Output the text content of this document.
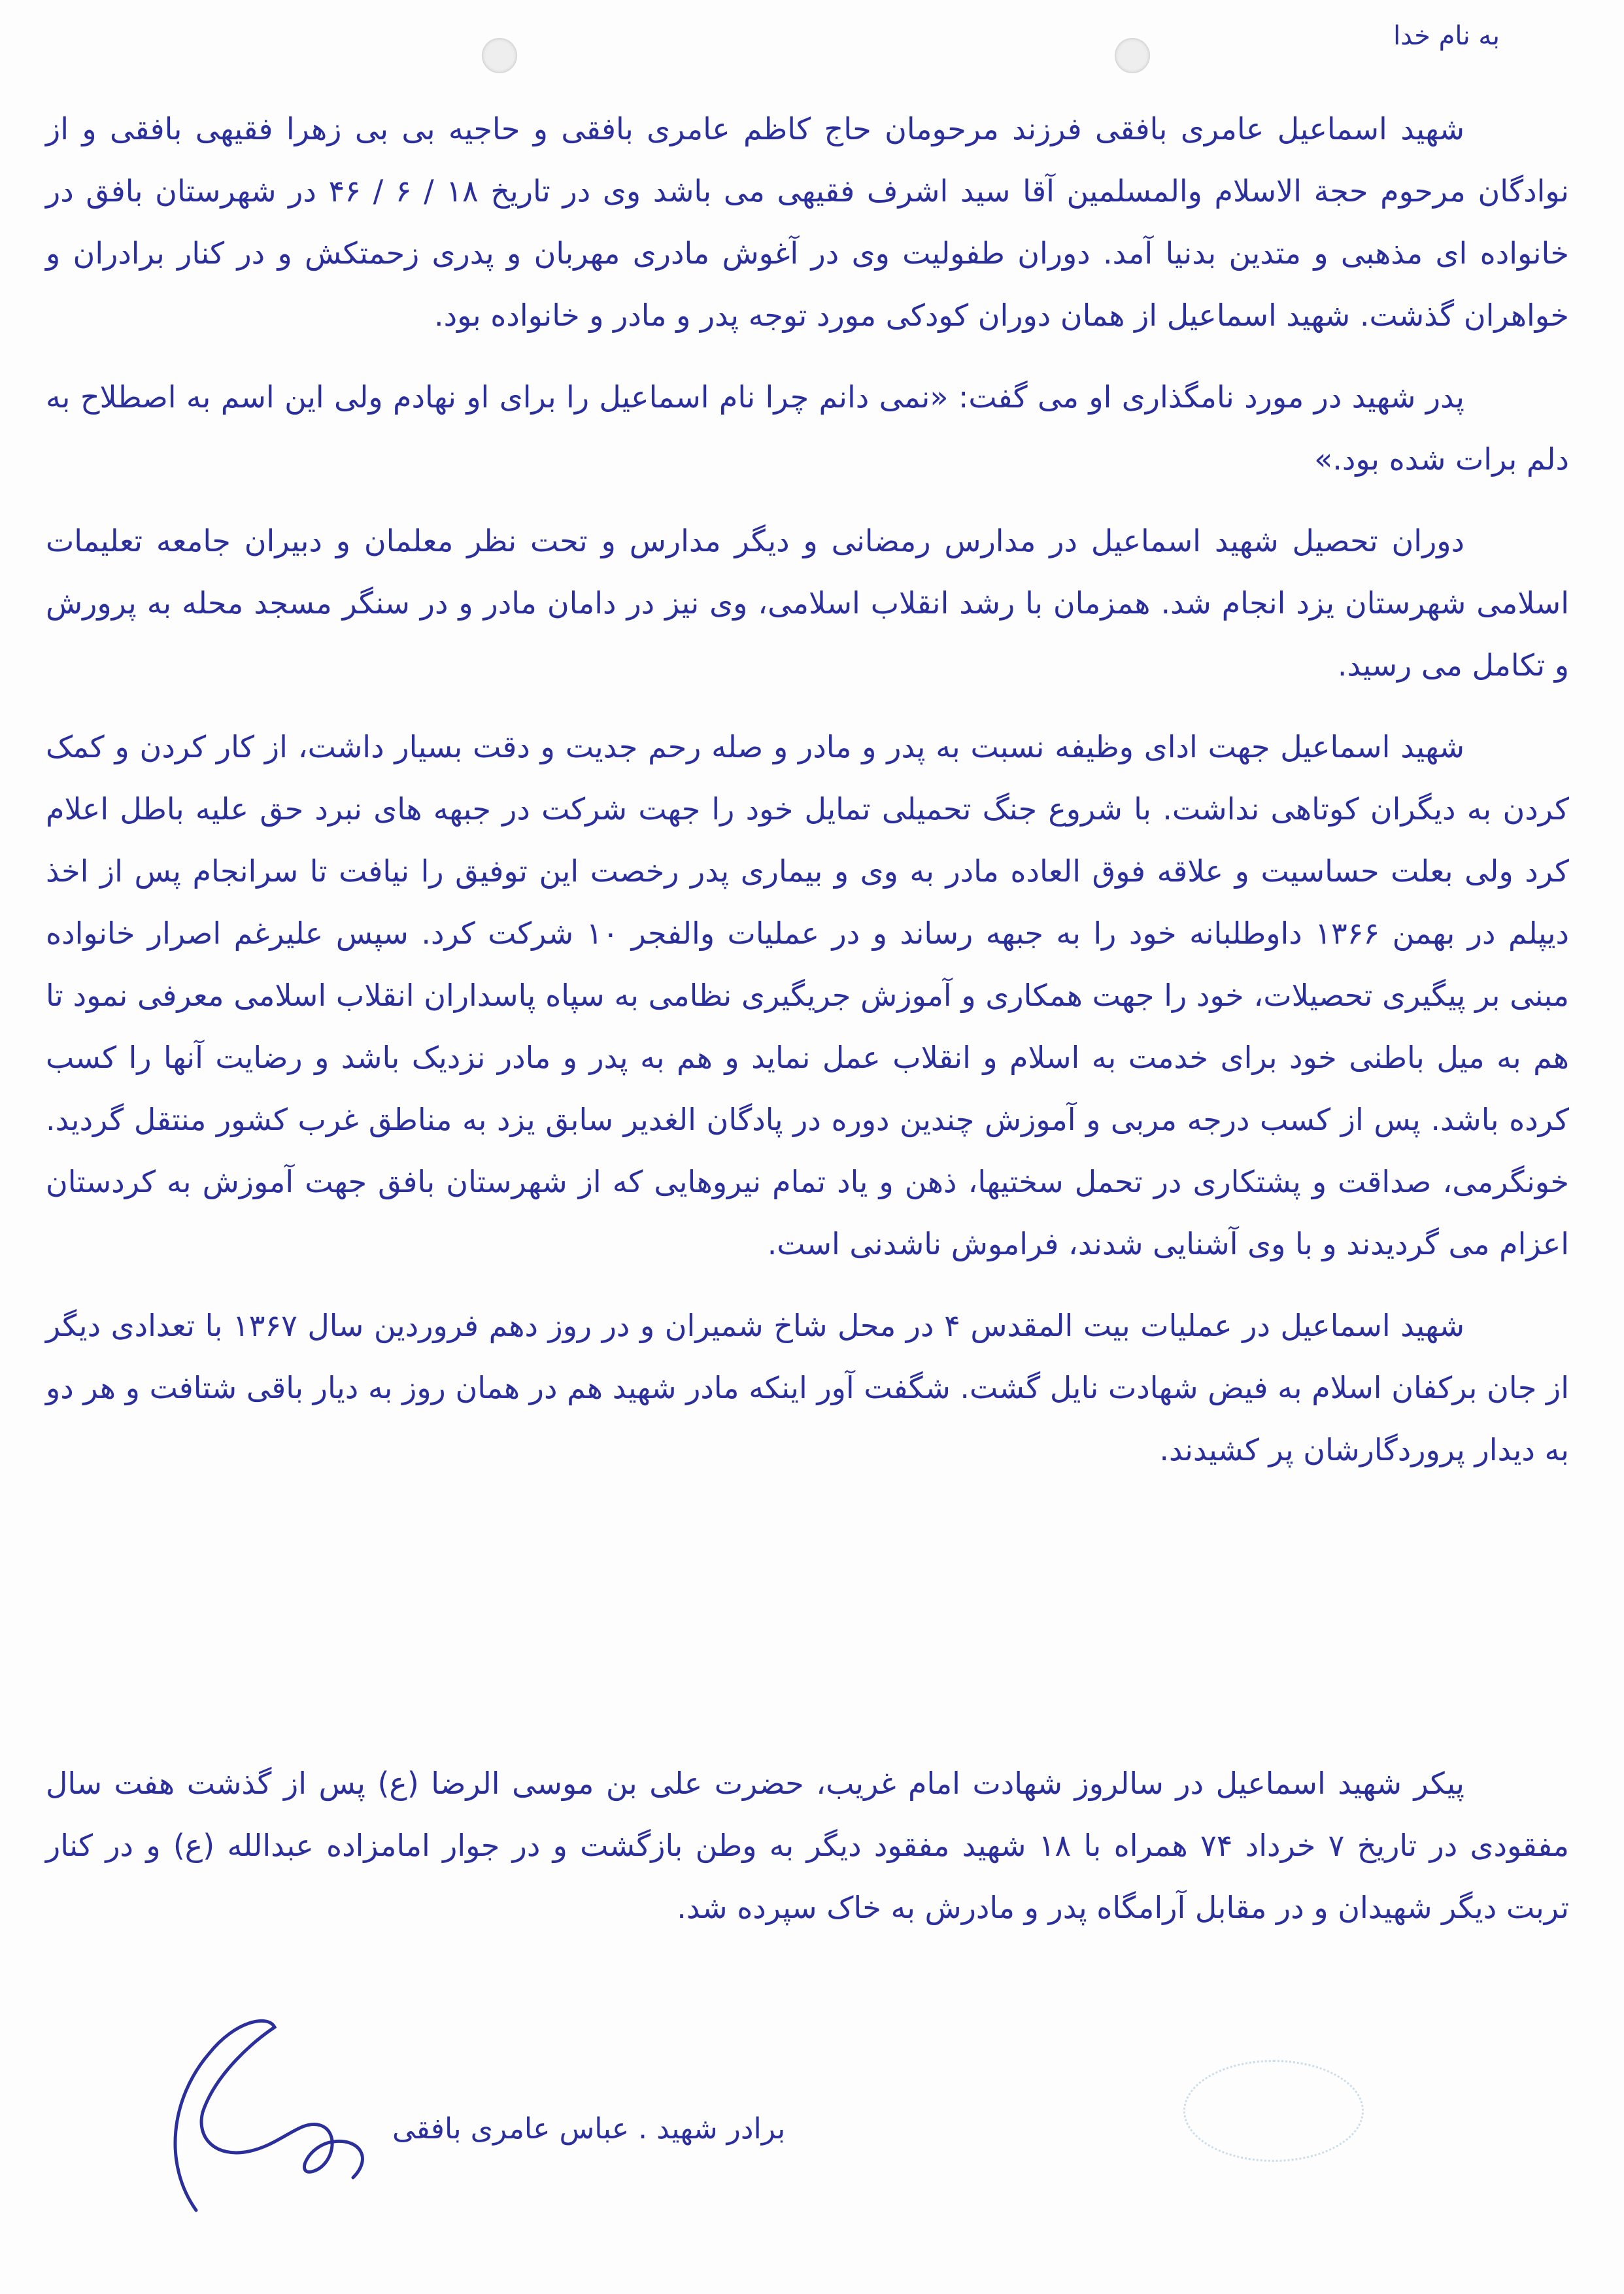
به نام خدا

شهید اسماعیل عامری بافقی فرزند مرحومان حاج کاظم عامری بافقی و حاجیه بی بی زهرا فقیهی بافقی و از نوادگان مرحوم حجة الاسلام والمسلمین آقا سید اشرف فقیهی می باشد وی در تاریخ ۱۸ / ۶ / ۴۶ در شهرستان بافق در خانواده ای مذهبی و متدین بدنیا آمد. دوران طفولیت وی در آغوش مادری مهربان و پدری زحمتکش و در کنار برادران و خواهران گذشت. شهید اسماعیل از همان دوران کودکی مورد توجه پدر و مادر و خانواده بود.

پدر شهید در مورد نامگذاری او می گفت: «نمی دانم چرا نام اسماعیل را برای او نهادم ولی این اسم به اصطلاح به دلم برات شده بود.»

دوران تحصیل شهید اسماعیل در مدارس رمضانی و دیگر مدارس و تحت نظر معلمان و دبیران جامعه تعلیمات اسلامی شهرستان یزد انجام شد. همزمان با رشد انقلاب اسلامی، وی نیز در دامان مادر و در سنگر مسجد محله به پرورش و تکامل می رسید.

شهید اسماعیل جهت ادای وظیفه نسبت به پدر و مادر و صله رحم جدیت و دقت بسیار داشت، از کار کردن و کمک کردن به دیگران کوتاهی نداشت. با شروع جنگ تحمیلی تمایل خود را جهت شرکت در جبهه های نبرد حق علیه باطل اعلام کرد ولی بعلت حساسیت و علاقه فوق العاده مادر به وی و بیماری پدر رخصت این توفیق را نیافت تا سرانجام پس از اخذ دیپلم در بهمن ۱۳۶۶ داوطلبانه خود را به جبهه رساند و در عملیات والفجر ۱۰ شرکت کرد. سپس علیرغم اصرار خانواده مبنی بر پیگیری تحصیلات، خود را جهت همکاری و آموزش جریگیری نظامی به سپاه پاسداران انقلاب اسلامی معرفی نمود تا هم به میل باطنی خود برای خدمت به اسلام و انقلاب عمل نماید و هم به پدر و مادر نزدیک باشد و رضایت آنها را کسب کرده باشد. پس از کسب درجه مربی و آموزش چندین دوره در پادگان الغدیر سابق یزد به مناطق غرب کشور منتقل گردید. خونگرمی، صداقت و پشتکاری در تحمل سختیها، ذهن و یاد تمام نیروهایی که از شهرستان بافق جهت آموزش به کردستان اعزام می گردیدند و با وی آشنایی شدند، فراموش ناشدنی است.

شهید اسماعیل در عملیات بیت المقدس ۴ در محل شاخ شمیران و در روز دهم فروردین سال ۱۳۶۷ با تعدادی دیگر از جان برکفان اسلام به فیض شهادت نایل گشت. شگفت آور اینکه مادر شهید هم در همان روز به دیار باقی شتافت و هر دو به دیدار پروردگارشان پر کشیدند.

پیکر شهید اسماعیل در سالروز شهادت امام غریب، حضرت علی بن موسی الرضا (ع) پس از گذشت هفت سال مفقودی در تاریخ ۷ خرداد ۷۴ همراه با ۱۸ شهید مفقود دیگر به وطن بازگشت و در جوار امامزاده عبدالله (ع) و در کنار تربت دیگر شهیدان و در مقابل آرامگاه پدر و مادرش به خاک سپرده شد.

برادر شهید . عباس عامری بافقی
